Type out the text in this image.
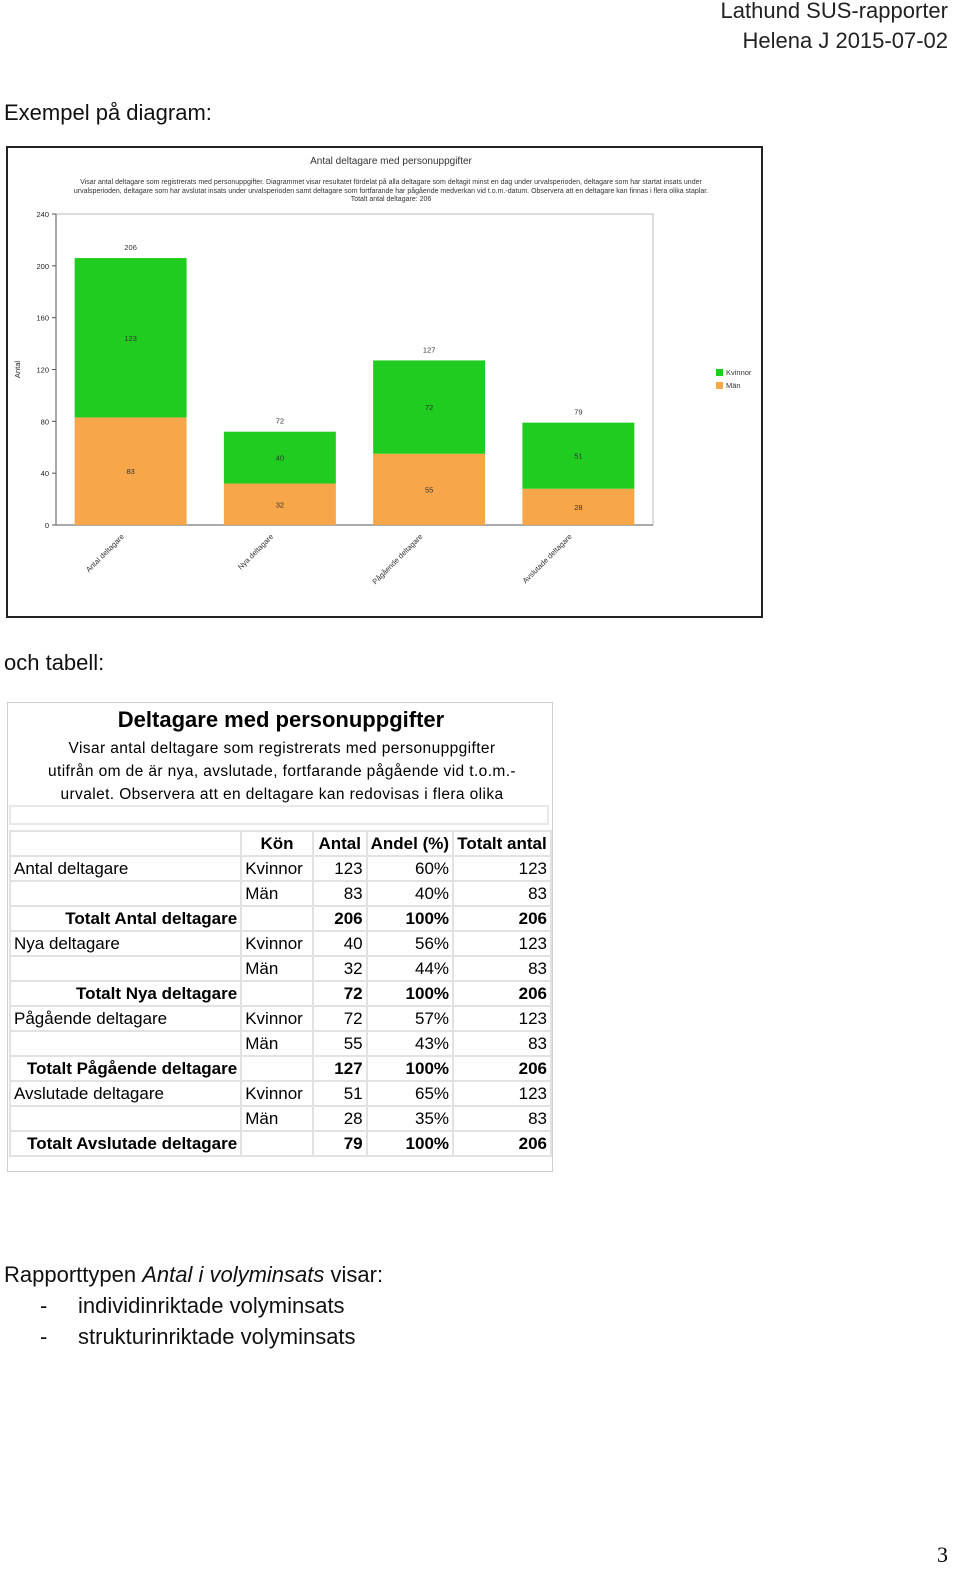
Lathund SUS-rapporter
Helena J 2015-07-02
Exempel på diagram:
Antal deltagare med personuppgifter
Visar antal deltagare som registrerats med personuppgifter. Diagrammet visar resultatet fördelat på alla deltagare som deltagit minst en dag under urvalsperioden, deltagare som har startat insats under
urvalsperioden, deltagare som har avslutat insats under urvalsperioden samt deltagare som fortfarande har pågående medverkan vid t.o.m.-datum. Observera att en deltagare kan finnas i flera olika staplar.
Totalt antal deltagare: 206
0
40
80
120
160
200
240
Antal
83
123
206
Antal deltagare
32
40
72
Nya deltagare
55
72
127
Pågående deltagare
28
51
79
Avslutade deltagare
Kvinnor
Män
och tabell:
Deltagare med personuppgifter
Visar antal deltagare som registrerats med personuppgifter
utifrån om de är nya, avslutade, fortfarande pågående vid t.o.m.-
urvalet. Observera att en deltagare kan redovisas i flera olika
	Kön	Antal	Andel (%)	Totalt antal
Antal deltagare	Kvinnor	123	60%	123
	Män	83	40%	83
Totalt Antal deltagare		206	100%	206
Nya deltagare	Kvinnor	40	56%	123
	Män	32	44%	83
Totalt Nya deltagare		72	100%	206
Pågående deltagare	Kvinnor	72	57%	123
	Män	55	43%	83
Totalt Pågående deltagare		127	100%	206
Avslutade deltagare	Kvinnor	51	65%	123
	Män	28	35%	83
Totalt Avslutade deltagare		79	100%	206
Rapporttypen Antal i volyminsats visar:
- individinriktade volyminsats
- strukturinriktade volyminsats
3
